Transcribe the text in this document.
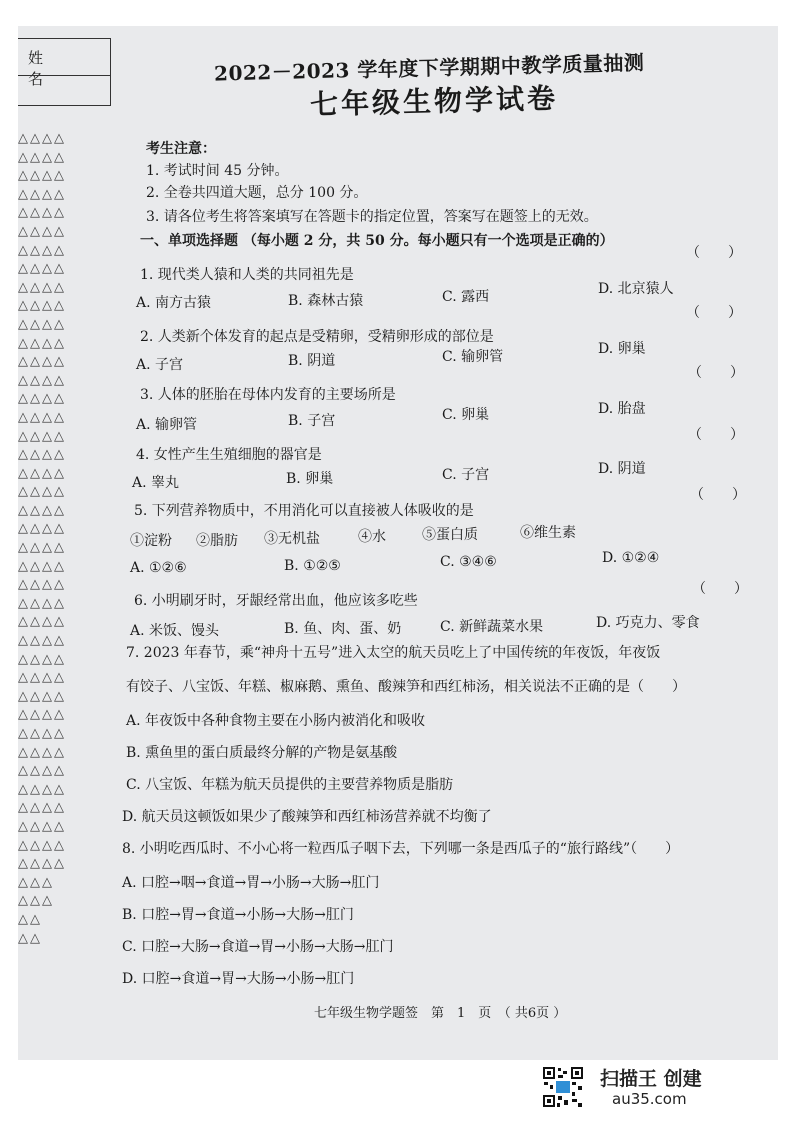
姓 名
△△△△
△△△△
△△△△
△△△△
△△△△
△△△△
△△△△
△△△△
△△△△
△△△△
△△△△
△△△△
△△△△
△△△△
△△△△
△△△△
△△△△
△△△△
△△△△
△△△△
△△△△
△△△△
△△△△
△△△△
△△△△
△△△△
△△△△
△△△△
△△△△
△△△△
△△△△
△△△△
△△△△
△△△△
△△△△
△△△△
△△△△
△△△△
△△△△
△△△△
△△△
△△△
△△
△△
2022－2023 学年度下学期期中教学质量抽测
七年级生物学试卷
考生注意：
1. 考试时间 45 分钟。
2. 全卷共四道大题，总分 100 分。
3. 请各位考生将答案填写在答题卡的指定位置，答案写在题签上的无效。
一、单项选择题 （每小题 2 分，共 50 分。每小题只有一个选项是正确的）
（　　）
1. 现代类人猿和人类的共同祖先是
A. 南方古猿	B. 森林古猿	C. 露西	D. 北京猿人
（　　）
2. 人类新个体发育的起点是受精卵，受精卵形成的部位是
A. 子宫	B. 阴道	C. 输卵管	D. 卵巢
（　　）
3. 人体的胚胎在母体内发育的主要场所是
A. 输卵管	B. 子宫	C. 卵巢	D. 胎盘
（　　）
4. 女性产生生殖细胞的器官是
A. 睾丸	B. 卵巢	C. 子宫	D. 阴道
（　　）
5. 下列营养物质中，不用消化可以直接被人体吸收的是
①淀粉 ②脂肪 ③无机盐	④水	⑤蛋白质	⑥维生素
A. ①②⑥	B. ①②⑤	C. ③④⑥	D. ①②④
（　　）
6. 小明刷牙时，牙龈经常出血，他应该多吃些
A. 米饭、馒头	B. 鱼、肉、蛋、奶	C. 新鲜蔬菜水果	D. 巧克力、零食
7. 2023 年春节，乘“神舟十五号”进入太空的航天员吃上了中国传统的年夜饭，年夜饭
有饺子、八宝饭、年糕、椒麻鹅、熏鱼、酸辣笋和西红柿汤，相关说法不正确的是（　　）
A. 年夜饭中各种食物主要在小肠内被消化和吸收
B. 熏鱼里的蛋白质最终分解的产物是氨基酸
C. 八宝饭、年糕为航天员提供的主要营养物质是脂肪
D. 航天员这顿饭如果少了酸辣笋和西红柿汤营养就不均衡了
8. 小明吃西瓜时、不小心将一粒西瓜子咽下去，下列哪一条是西瓜子的“旅行路线”（　　）
A. 口腔→咽→食道→胃→小肠→大肠→肛门
B. 口腔→胃→食道→小肠→大肠→肛门
C. 口腔→大肠→食道→胃→小肠→大肠→肛门
D. 口腔→食道→胃→大肠→小肠→肛门
七年级生物学题签　第　1　页　（ 共6页 ）
扫描王 创建
au35.com
